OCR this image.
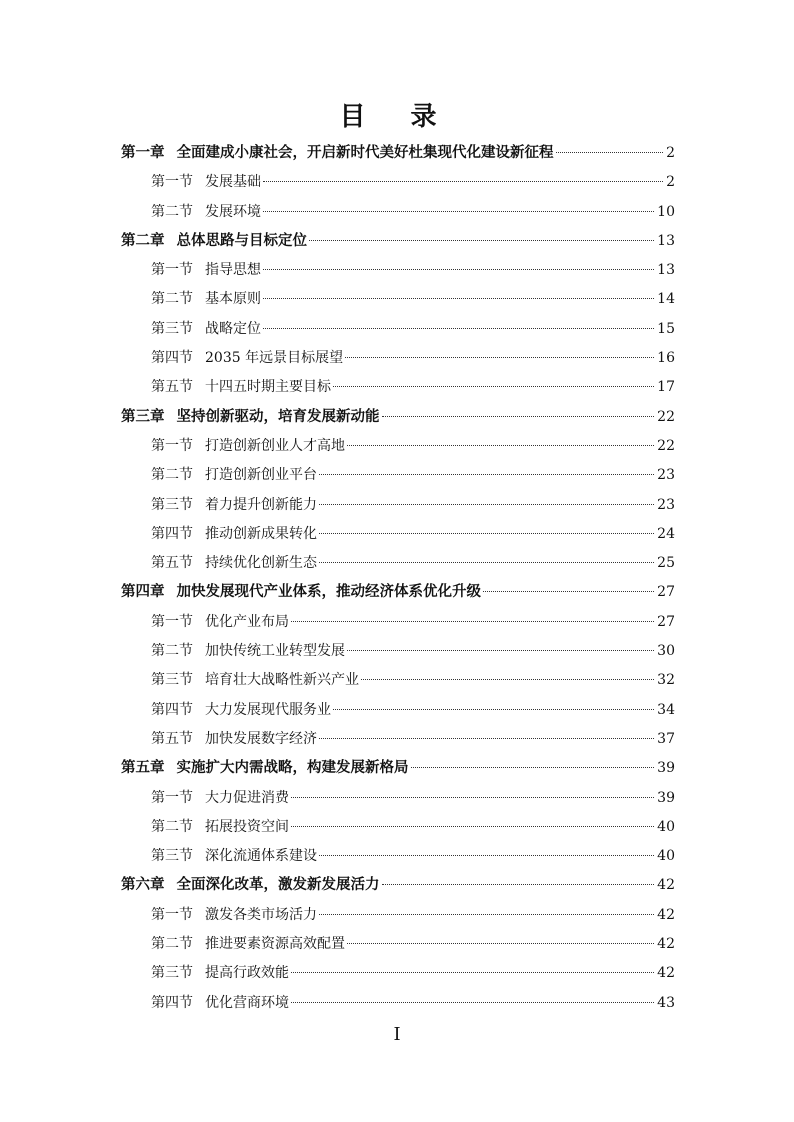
目 录
第一章 全面建成小康社会，开启新时代美好杜集现代化建设新征程	2
第一节 发展基础	2
第二节 发展环境	10
第二章 总体思路与目标定位	13
第一节 指导思想	13
第二节 基本原则	14
第三节 战略定位	15
第四节 2035 年远景目标展望	16
第五节 十四五时期主要目标	17
第三章 坚持创新驱动，培育发展新动能	22
第一节 打造创新创业人才高地	22
第二节 打造创新创业平台	23
第三节 着力提升创新能力	23
第四节 推动创新成果转化	24
第五节 持续优化创新生态	25
第四章 加快发展现代产业体系，推动经济体系优化升级	27
第一节 优化产业布局	27
第二节 加快传统工业转型发展	30
第三节 培育壮大战略性新兴产业	32
第四节 大力发展现代服务业	34
第五节 加快发展数字经济	37
第五章 实施扩大内需战略，构建发展新格局	39
第一节 大力促进消费	39
第二节 拓展投资空间	40
第三节 深化流通体系建设	40
第六章 全面深化改革，激发新发展活力	42
第一节 激发各类市场活力	42
第二节 推进要素资源高效配置	42
第三节 提高行政效能	42
第四节 优化营商环境	43
I
